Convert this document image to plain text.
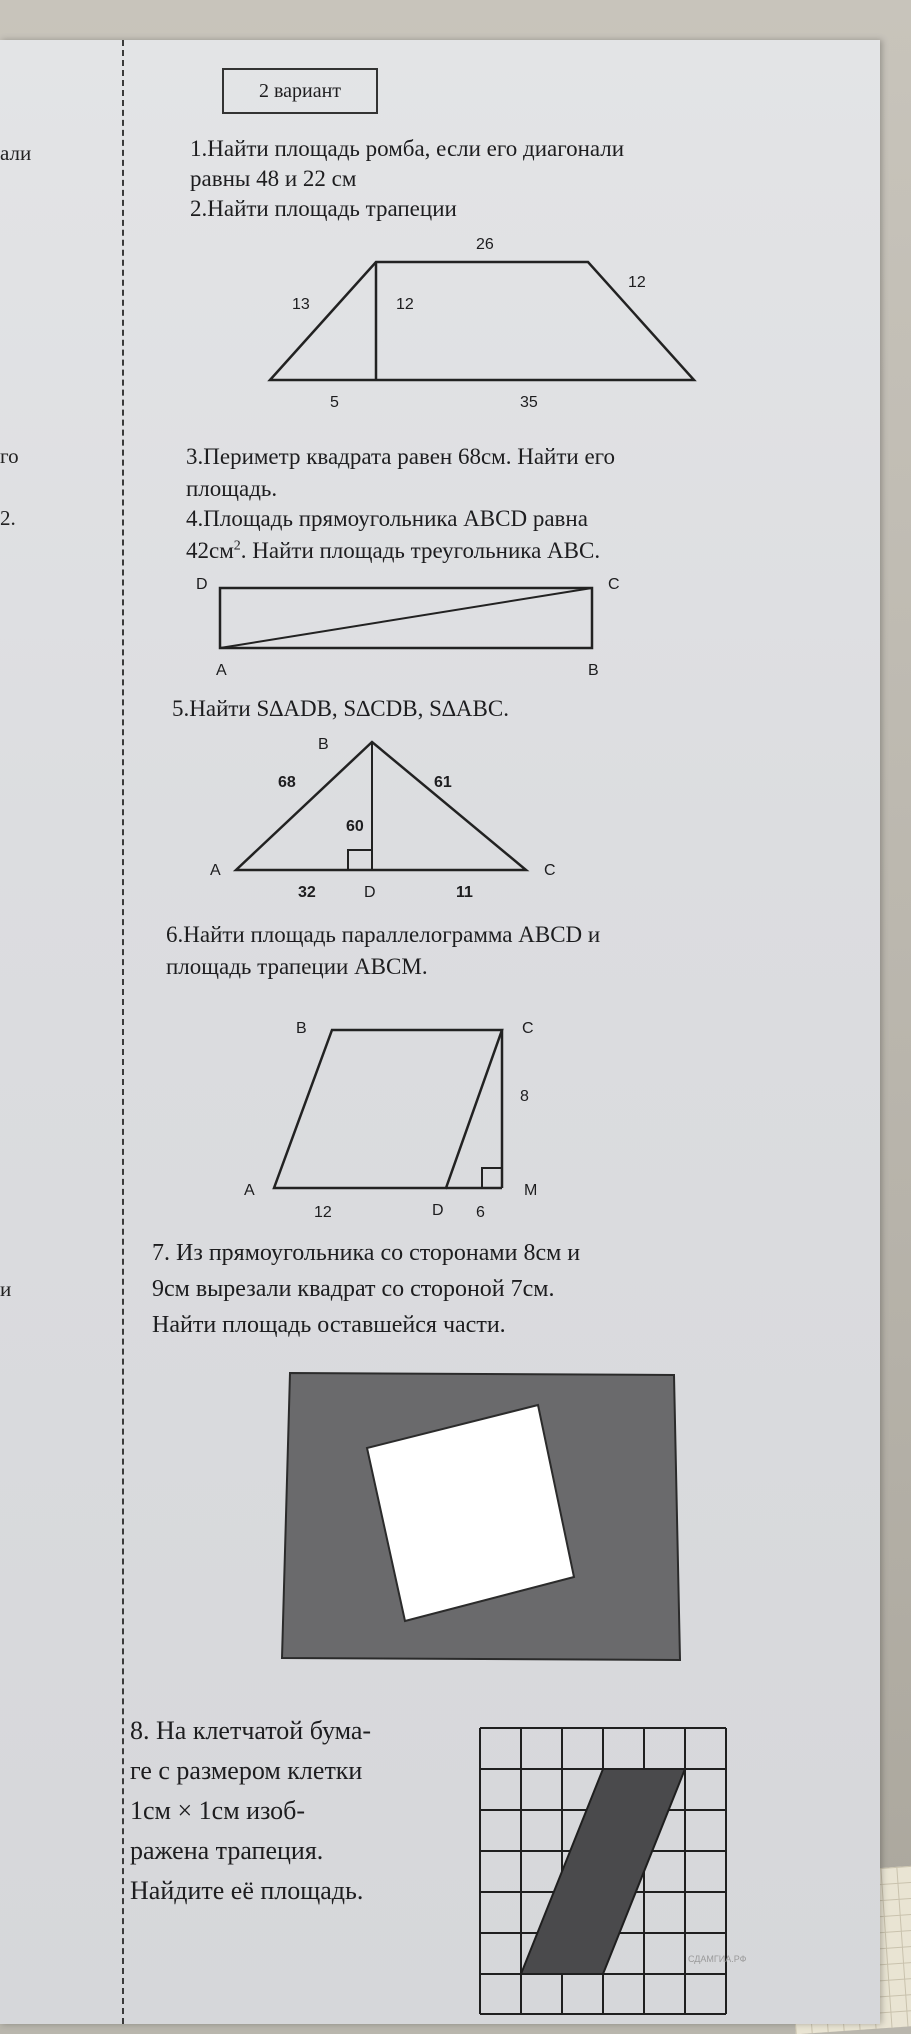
али
го
2.
и
2 вариант
1.Найти площадь ромба, если его диагонали
равны 48 и 22 см
2.Найти площадь трапеции
26
13	12
12
5	35
3.Периметр квадрата равен 68см. Найти его
площадь.
4.Площадь прямоугольника ABCD равна
$42см^2$. Найти площадь треугольника ABC.
D	C
A	B
5.Найти S∆ADB, S∆CDB, S∆ABC.
B
A	C
D
68	61
60
32	11
6.Найти площадь параллелограмма ABCD и
площадь трапеции ABCM.
B	C
A
D
M
8
12	6
7. Из прямоугольника со сторонами 8см и
9см вырезали квадрат со стороной 7см.
Найти площадь оставшейся части.
8. На клетчатой бума-
ге с размером клетки
1см × 1см изоб-
ражена трапеция.
Найдите её площадь.
СДАМГИА.РФ
